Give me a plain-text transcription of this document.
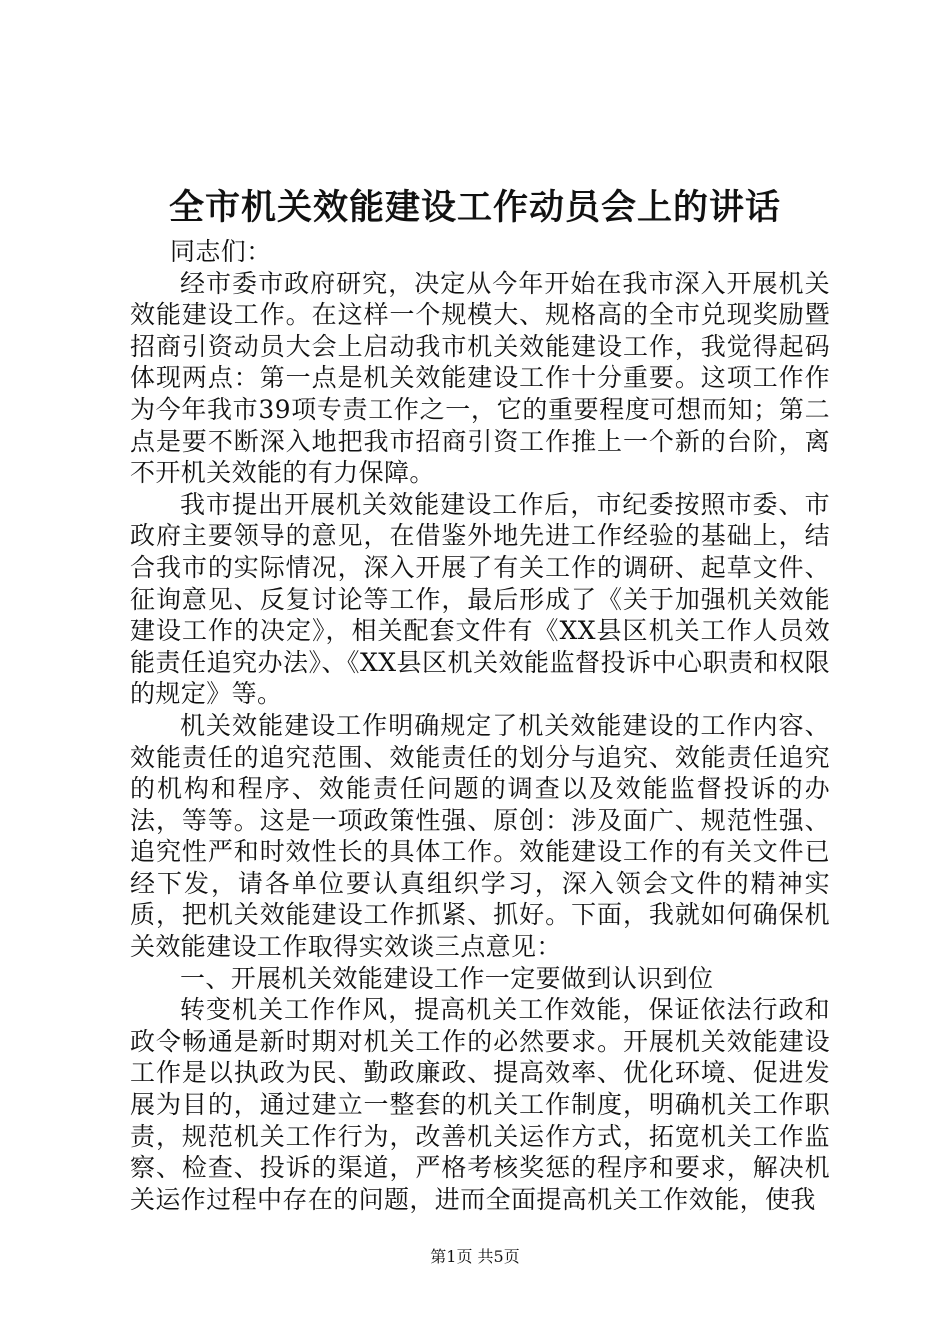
全市机关效能建设工作动员会上的讲话

同志们：

经市委市政府研究，决定从今年开始在我市深入开展机关效能建设工作。在这样一个规模大、规格高的全市兑现奖励暨招商引资动员大会上启动我市机关效能建设工作，我觉得起码体现两点：第一点是机关效能建设工作十分重要。这项工作作为今年我市39项专责工作之一，它的重要程度可想而知；第二点是要不断深入地把我市招商引资工作推上一个新的台阶，离不开机关效能的有力保障。

我市提出开展机关效能建设工作后，市纪委按照市委、市政府主要领导的意见，在借鉴外地先进工作经验的基础上，结合我市的实际情况，深入开展了有关工作的调研、起草文件、征询意见、反复讨论等工作，最后形成了《关于加强机关效能建设工作的决定》，相关配套文件有《XX县区机关工作人员效能责任追究办法》、《XX县区机关效能监督投诉中心职责和权限的规定》等。

机关效能建设工作明确规定了机关效能建设的工作内容、效能责任的追究范围、效能责任的划分与追究、效能责任追究的机构和程序、效能责任问题的调查以及效能监督投诉的办法，等等。这是一项政策性强、原创：涉及面广、规范性强、追究性严和时效性长的具体工作。效能建设工作的有关文件已经下发，请各单位要认真组织学习，深入领会文件的精神实质，把机关效能建设工作抓紧、抓好。下面，我就如何确保机关效能建设工作取得实效谈三点意见：

一、开展机关效能建设工作一定要做到认识到位

转变机关工作作风，提高机关工作效能，保证依法行政和政令畅通是新时期对机关工作的必然要求。开展机关效能建设工作是以执政为民、勤政廉政、提高效率、优化环境、促进发展为目的，通过建立一整套的机关工作制度，明确机关工作职责，规范机关工作行为，改善机关运作方式，拓宽机关工作监察、检查、投诉的渠道，严格考核奖惩的程序和要求，解决机关运作过程中存在的问题，进而全面提高机关工作效能，使我

第1页 共5页
